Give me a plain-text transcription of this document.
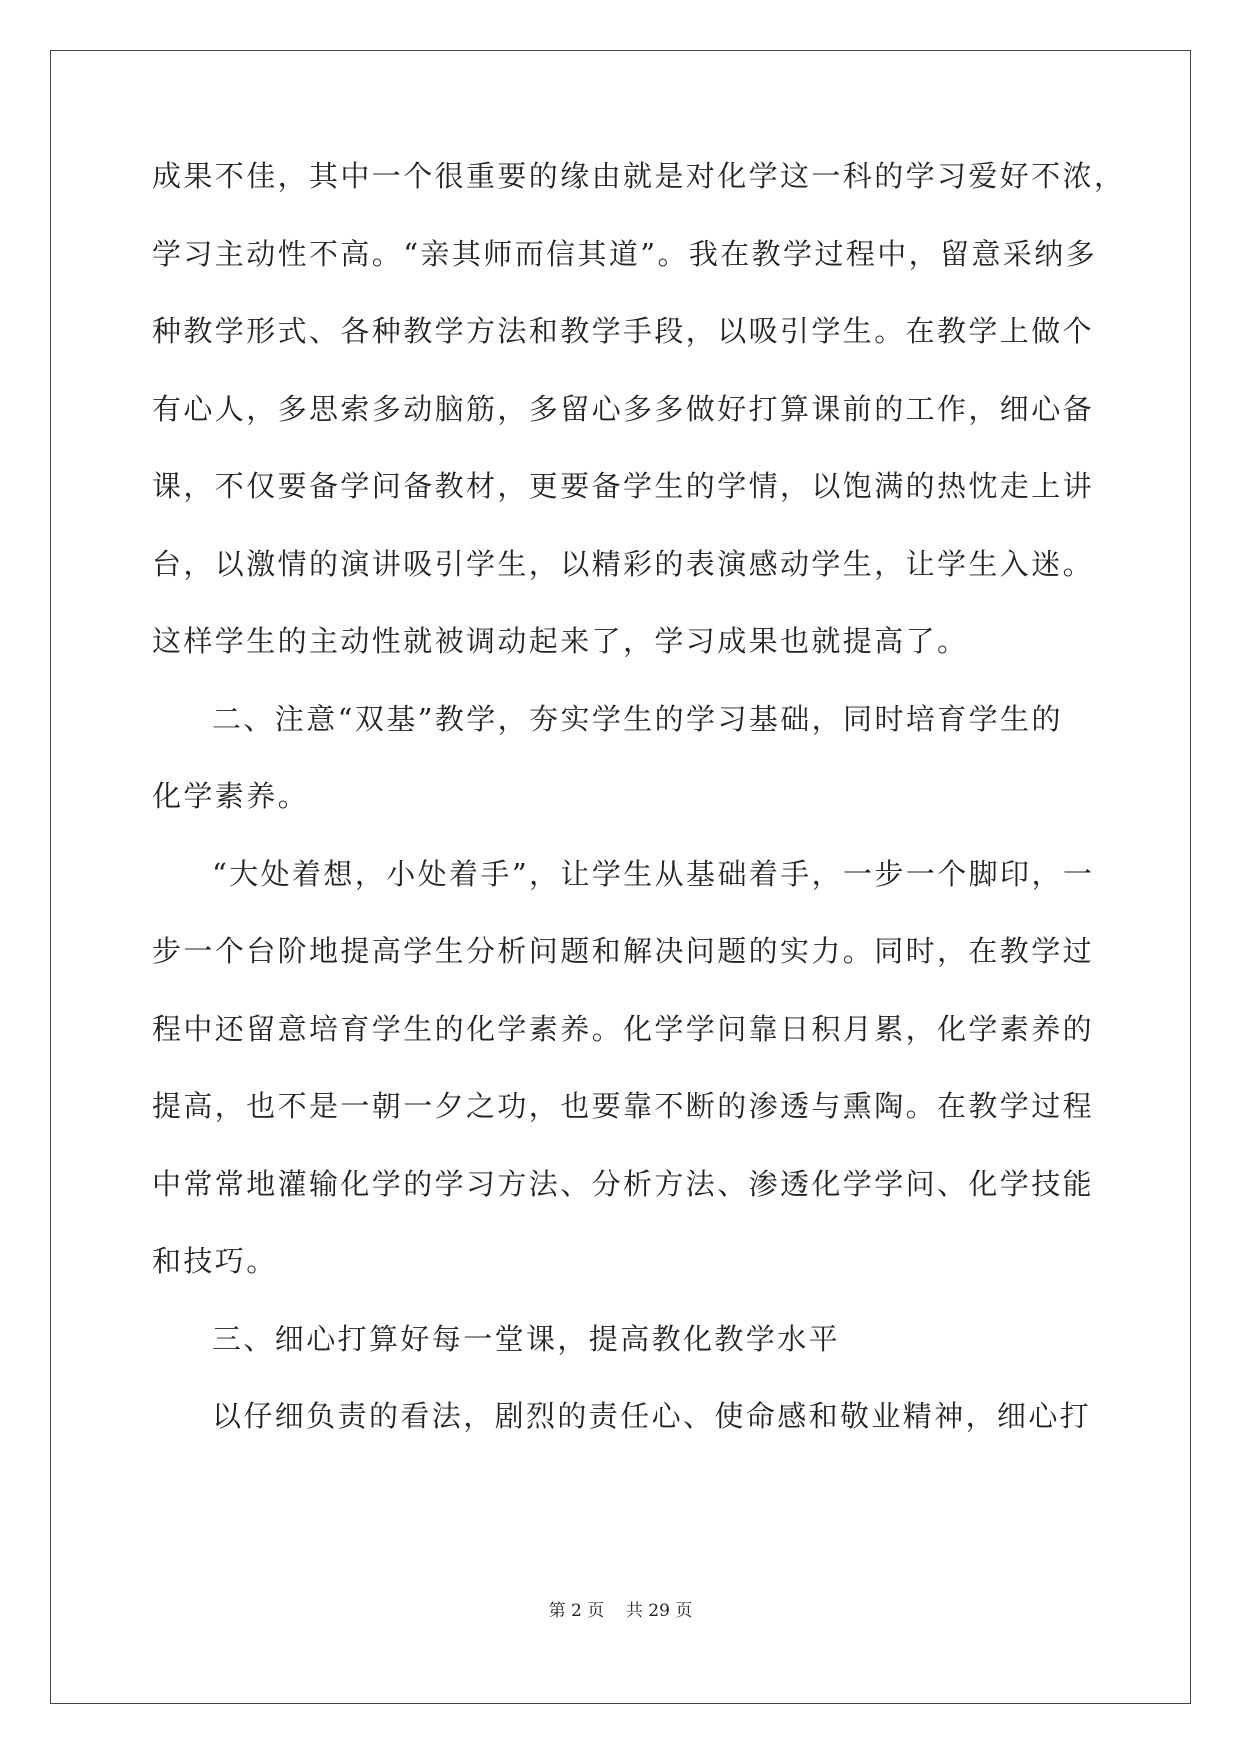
成果不佳，其中一个很重要的缘由就是对化学这一科的学习爱好不浓，
学习主动性不高。“亲其师而信其道”。我在教学过程中，留意采纳多
种教学形式、各种教学方法和教学手段，以吸引学生。在教学上做个
有心人，多思索多动脑筋，多留心多多做好打算课前的工作，细心备
课，不仅要备学问备教材，更要备学生的学情，以饱满的热忱走上讲
台，以激情的演讲吸引学生，以精彩的表演感动学生，让学生入迷。
这样学生的主动性就被调动起来了，学习成果也就提高了。
二、注意“双基”教学，夯实学生的学习基础，同时培育学生的
化学素养。
“大处着想，小处着手”，让学生从基础着手，一步一个脚印，一
步一个台阶地提高学生分析问题和解决问题的实力。同时，在教学过
程中还留意培育学生的化学素养。化学学问靠日积月累，化学素养的
提高，也不是一朝一夕之功，也要靠不断的渗透与熏陶。在教学过程
中常常地灌输化学的学习方法、分析方法、渗透化学学问、化学技能
和技巧。
三、细心打算好每一堂课，提高教化教学水平
以仔细负责的看法，剧烈的责任心、使命感和敬业精神，细心打
第 2 页    共 29 页
